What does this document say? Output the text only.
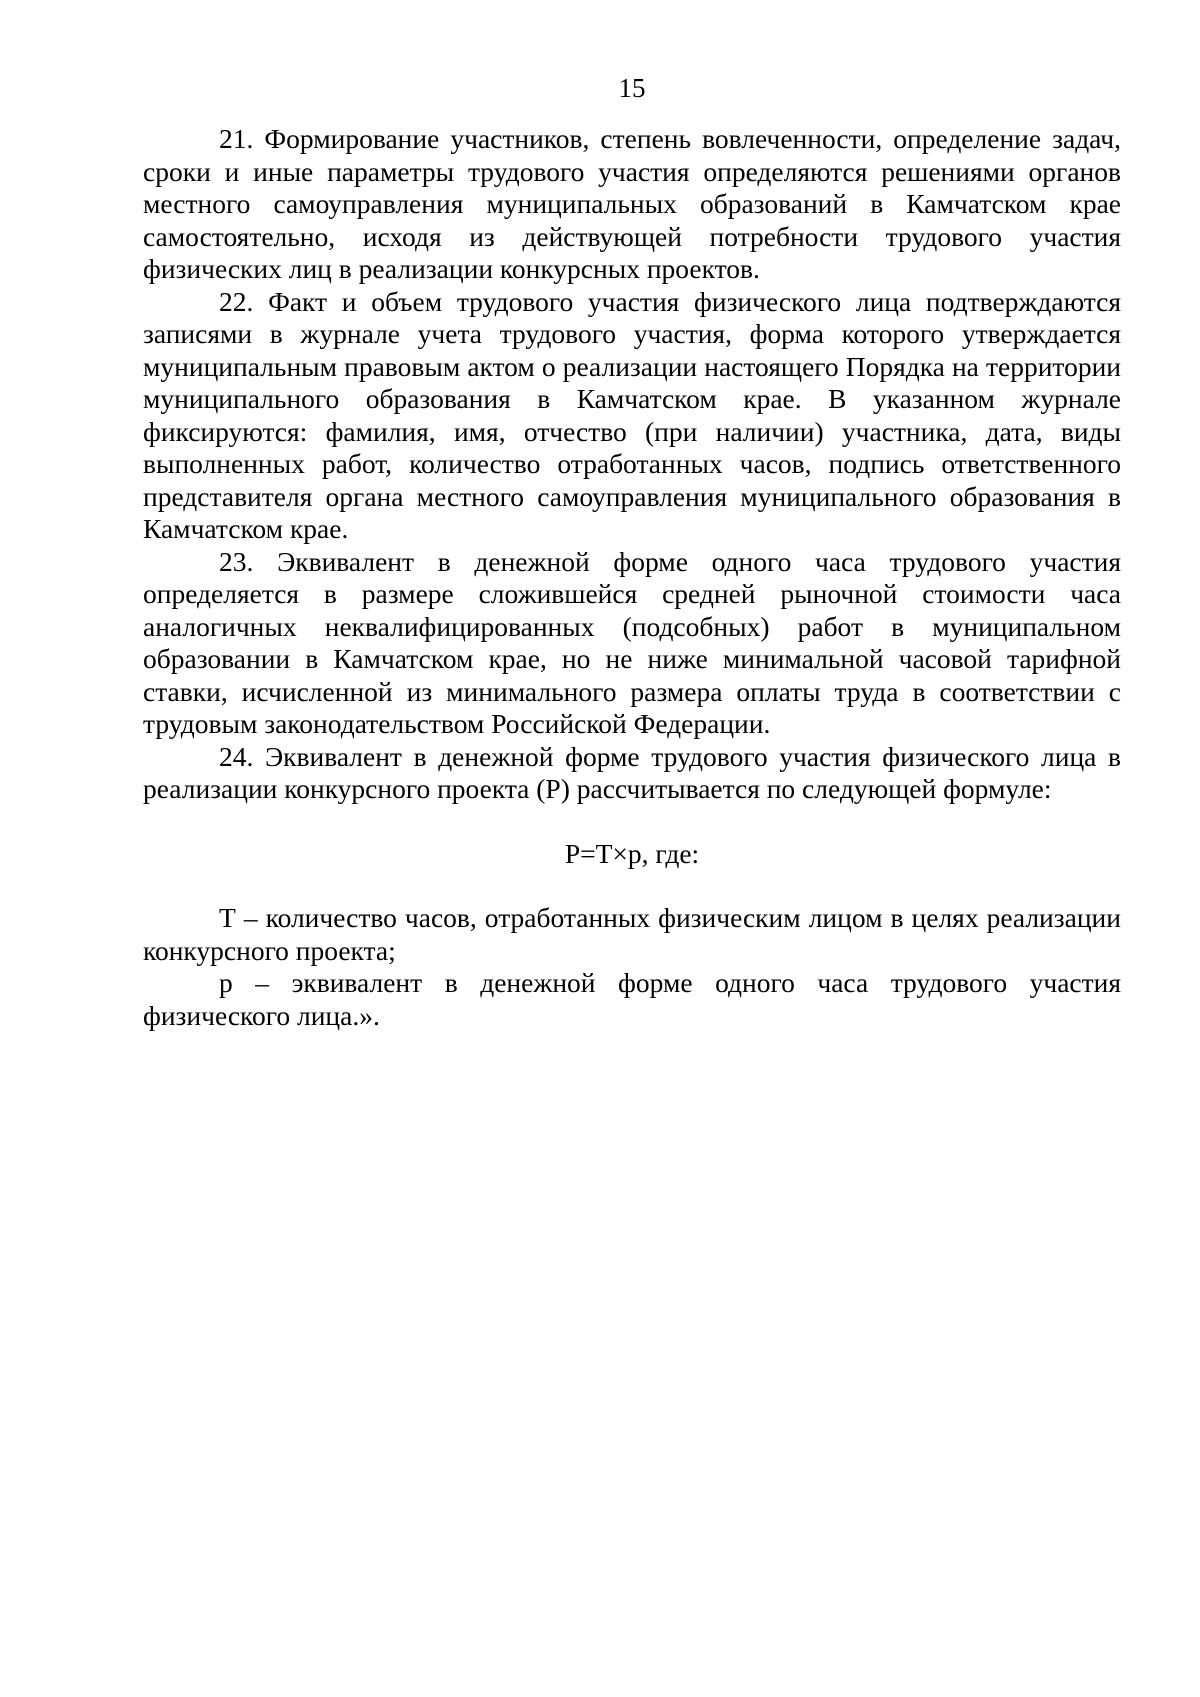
15

21. Формирование участников, степень вовлеченности, определение задач, сроки и иные параметры трудового участия определяются решениями органов местного самоуправления муниципальных образований в Камчатском крае самостоятельно, исходя из действующей потребности трудового участия физических лиц в реализации конкурсных проектов.

22. Факт и объем трудового участия физического лица подтверждаются записями в журнале учета трудового участия, форма которого утверждается муниципальным правовым актом о реализации настоящего Порядка на территории муниципального образования в Камчатском крае. В указанном журнале фиксируются: фамилия, имя, отчество (при наличии) участника, дата, виды выполненных работ, количество отработанных часов, подпись ответственного представителя органа местного самоуправления муниципального образования в Камчатском крае.

23. Эквивалент в денежной форме одного часа трудового участия определяется в размере сложившейся средней рыночной стоимости часа аналогичных неквалифицированных (подсобных) работ в муниципальном образовании в Камчатском крае, но не ниже минимальной часовой тарифной ставки, исчисленной из минимального размера оплаты труда в соответствии с трудовым законодательством Российской Федерации.

24. Эквивалент в денежной форме трудового участия физического лица в реализации конкурсного проекта (Р) рассчитывается по следующей формуле:

Р=Т×р, где:

Т – количество часов, отработанных физическим лицом в целях реализации конкурсного проекта;

р – эквивалент в денежной форме одного часа трудового участия физического лица.».
